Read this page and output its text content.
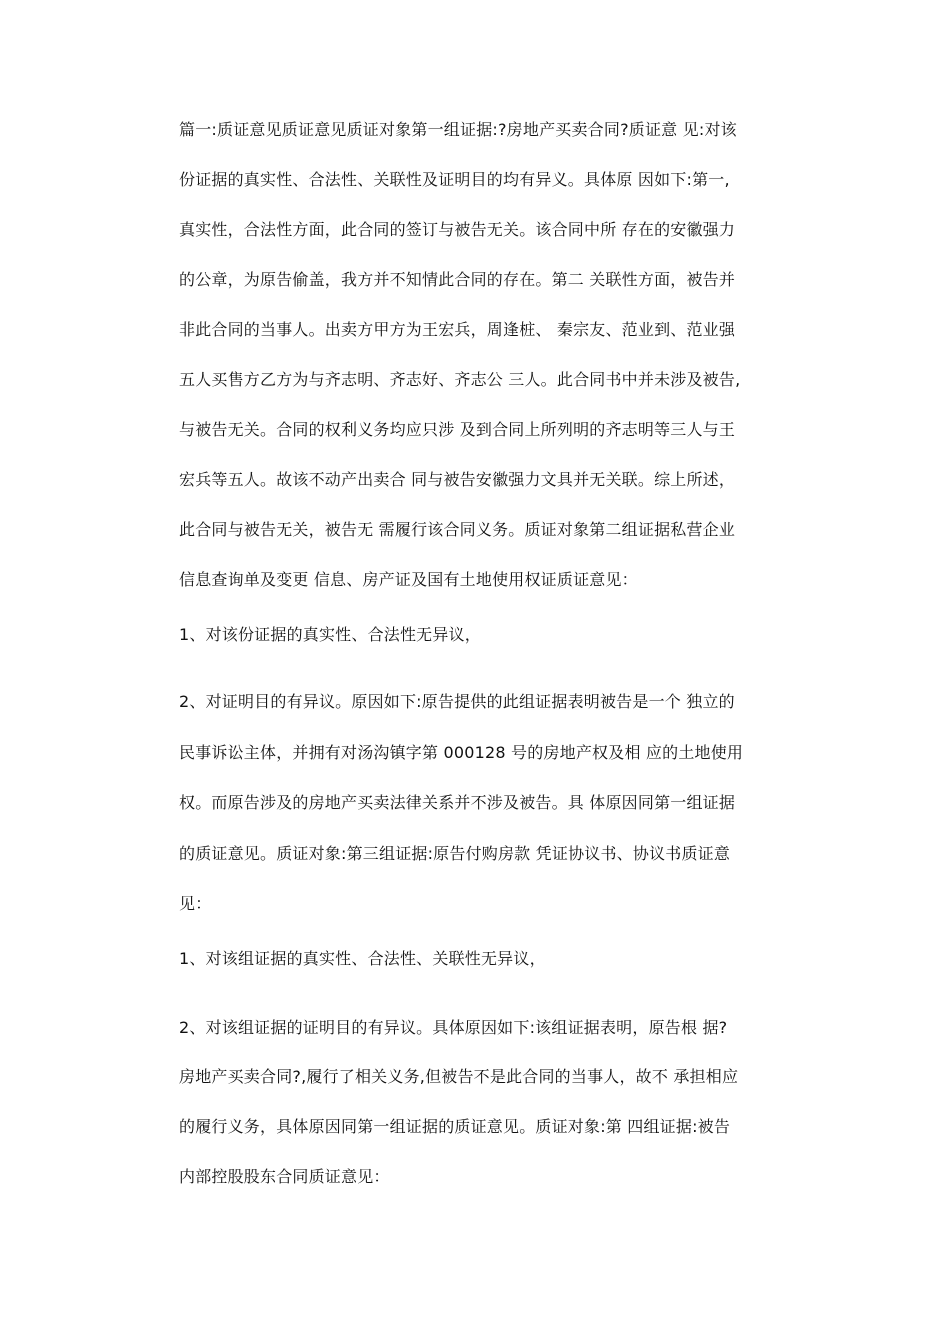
篇一:质证意见质证意见质证对象第一组证据:?房地产买卖合同?质证意 见:对该
份证据的真实性、合法性、关联性及证明目的均有异义。具体原 因如下:第一,
真实性，合法性方面，此合同的签订与被告无关。该合同中所 存在的安徽强力
的公章，为原告偷盖，我方并不知情此合同的存在。第二 关联性方面，被告并
非此合同的当事人。出卖方甲方为王宏兵，周逢桩、 秦宗友、范业到、范业强
五人买售方乙方为与齐志明、齐志好、齐志公 三人。此合同书中并未涉及被告,
与被告无关。合同的权利义务均应只涉 及到合同上所列明的齐志明等三人与王
宏兵等五人。故该不动产出卖合 同与被告安徽强力文具并无关联。综上所述，
此合同与被告无关，被告无 需履行该合同义务。质证对象第二组证据私营企业
信息查询单及变更 信息、房产证及国有土地使用权证质证意见：
1、对该份证据的真实性、合法性无异议，
2、对证明目的有异议。原因如下:原告提供的此组证据表明被告是一个 独立的
民事诉讼主体，并拥有对汤沟镇字第 000128 号的房地产权及相 应的土地使用
权。而原告涉及的房地产买卖法律关系并不涉及被告。具 体原因同第一组证据
的质证意见。质证对象:第三组证据:原告付购房款 凭证协议书、协议书质证意
见：
1、对该组证据的真实性、合法性、关联性无异议，
2、对该组证据的证明目的有异议。具体原因如下:该组证据表明，原告根 据?
房地产买卖合同?,履行了相关义务,但被告不是此合同的当事人，故不 承担相应
的履行义务，具体原因同第一组证据的质证意见。质证对象:第 四组证据:被告
内部控股股东合同质证意见：
